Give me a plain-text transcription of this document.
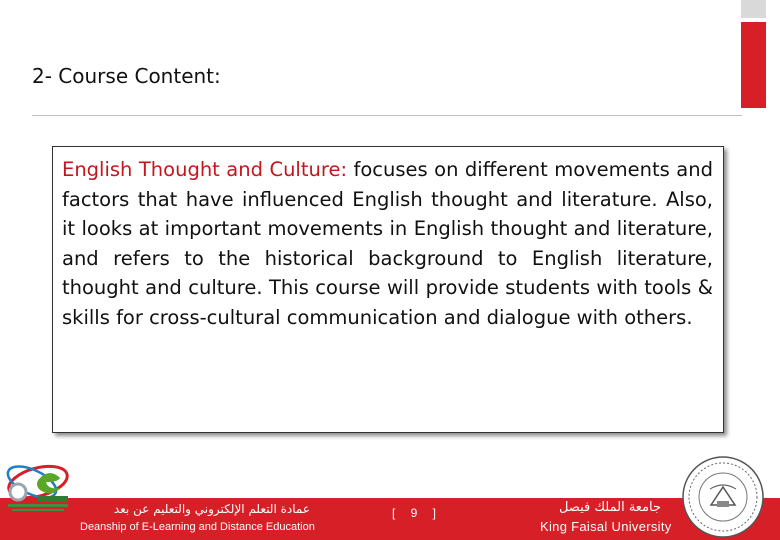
2- Course Content:
English Thought and Culture: focuses on different movements and factors that have influenced English thought and literature. Also, it looks at important movements in English thought and literature, and refers to the historical background to English literature, thought and culture. This course will provide students with tools & skills for cross-cultural communication and dialogue with others.
عمادة التعلم الإلكتروني والتعليم عن بعد
Deanship of E-Learning and Distance Education
[ 9 ]	جامعة الملك فيصل
King Faisal University
